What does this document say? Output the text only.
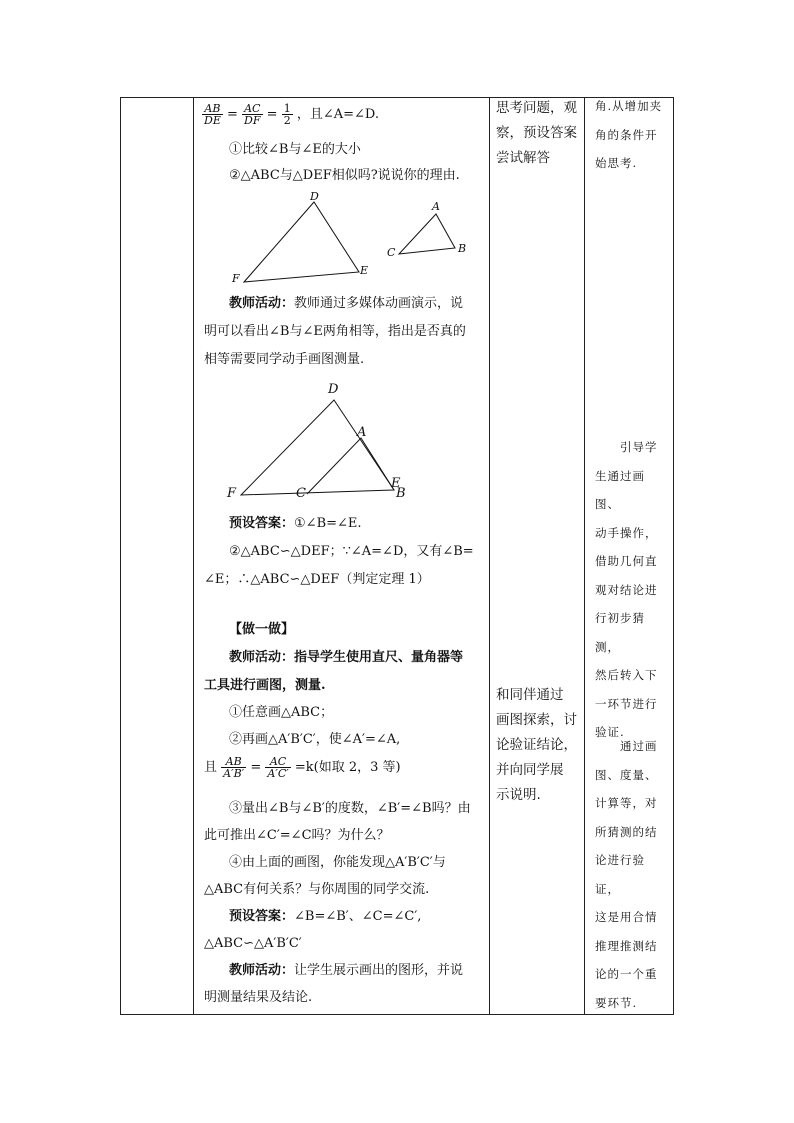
$\frac{AB}{DE} = \frac{AC}{DF} = \frac{1}{2}$ ，且∠A=∠D.
①比较∠B与∠E的大小
②△ABC与△DEF相似吗?说说你的理由.
D
F
E
A
C	B
教师活动：教师通过多媒体动画演示，说
明可以看出∠B与∠E两角相等，指出是否真的
相等需要同学动手画图测量.
D
A
F	C
E
B
预设答案：①∠B=∠E.
②△ABC∽△DEF；∵∠A=∠D，又有∠B=
∠E；∴△ABC∽△DEF（判定定理 1）
【做一做】
教师活动：指导学生使用直尺、量角器等
工具进行画图，测量.
①任意画△ABC；
②再画△A′B′C′，使∠A′=∠A,
且 $\frac{AB}{A'B'} = \frac{AC}{A'C'} =k$(如取 2，3 等)
③量出∠B与∠B′的度数，∠B′=∠B吗？由
此可推出∠C′=∠C吗？为什么？
④由上面的画图，你能发现△A′B′C′与
△ABC有何关系？与你周围的同学交流.
预设答案：∠B=∠B′、∠C=∠C′,
△ABC∽△A′B′C′
教师活动：让学生展示画出的图形，并说
明测量结果及结论.
思考问题，观
察，预设答案
尝试解答
和同伴通过
画图探索，讨
论验证结论，
并向同学展
示说明.
角.从增加夹
角的条件开
始思考.
　　引导学
生通过画图、
动手操作，
借助几何直
观对结论进
行初步猜测，
然后转入下
一环节进行
验证.
　　通过画
图、度量、
计算等，对
所猜测的结
论进行验证，
这是用合情
推理推测结
论的一个重
要环节.
